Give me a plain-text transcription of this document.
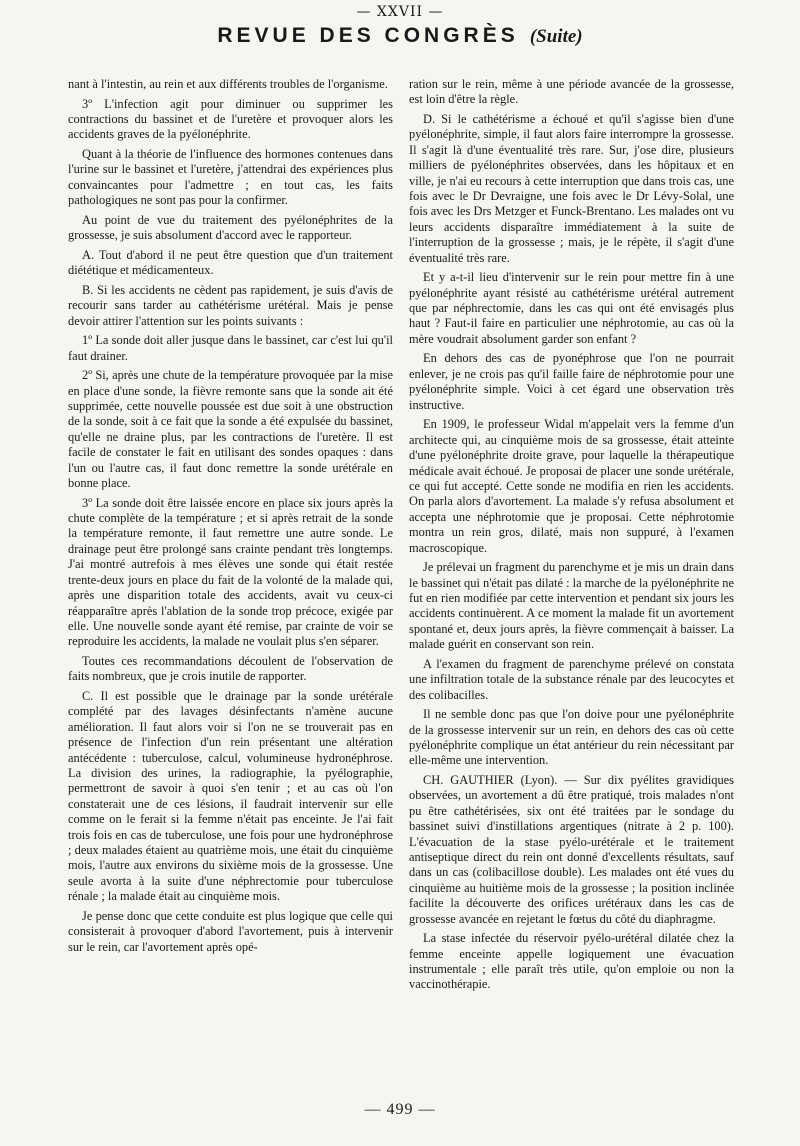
— XXVII —
REVUE DES CONGRÈS (Suite)

nant à l'intestin, au rein et aux différents troubles de l'organisme.

3º L'infection agit pour diminuer ou supprimer les contractions du bassinet et de l'uretère et provoquer alors les accidents graves de la pyélonéphrite.

Quant à la théorie de l'influence des hormones contenues dans l'urine sur le bassinet et l'uretère, j'attendrai des expériences plus convaincantes pour l'admettre ; en tout cas, les faits pathologiques ne sont pas pour la confirmer.

Au point de vue du traitement des pyélonéphrites de la grossesse, je suis absolument d'accord avec le rapporteur.

A. Tout d'abord il ne peut être question que d'un traitement diététique et médicamenteux.

B. Si les accidents ne cèdent pas rapidement, je suis d'avis de recourir sans tarder au cathétérisme urétéral. Mais je pense devoir attirer l'attention sur les points suivants :

1º La sonde doit aller jusque dans le bassinet, car c'est lui qu'il faut drainer.

2º Si, après une chute de la température provoquée par la mise en place d'une sonde, la fièvre remonte sans que la sonde ait été supprimée, cette nouvelle poussée est due soit à une obstruction de la sonde, soit à ce fait que la sonde a été expulsée du bassinet, qu'elle ne draine plus, par les contractions de l'uretère. Il est facile de constater le fait en utilisant des sondes opaques : dans l'un ou l'autre cas, il faut donc remettre la sonde urétérale en bonne place.

3º La sonde doit être laissée encore en place six jours après la chute complète de la température ; et si après retrait de la sonde la température remonte, il faut remettre une autre sonde. Le drainage peut être prolongé sans crainte pendant très longtemps. J'ai montré autrefois à mes élèves une sonde qui était restée trente-deux jours en place du fait de la volonté de la malade qui, après une disparition totale des accidents, avait vu ceux-ci réapparaître après l'ablation de la sonde trop précoce, exigée par elle. Une nouvelle sonde ayant été remise, par crainte de voir se reproduire les accidents, la malade ne voulait plus s'en séparer.

Toutes ces recommandations découlent de l'observation de faits nombreux, que je crois inutile de rapporter.

C. Il est possible que le drainage par la sonde urétérale complété par des lavages désinfectants n'amène aucune amélioration. Il faut alors voir si l'on ne se trouverait pas en présence de l'infection d'un rein présentant une altération antécédente : tuberculose, calcul, volumineuse hydronéphrose. La division des urines, la radiographie, la pyélographie, permettront de savoir à quoi s'en tenir ; et au cas où l'on constaterait une de ces lésions, il faudrait intervenir sur elle comme on le ferait si la femme n'était pas enceinte. Je l'ai fait trois fois en cas de tuberculose, une fois pour une hydronéphrose ; deux malades étaient au quatrième mois, une était du cinquième mois, l'autre aux environs du sixième mois de la grossesse. Une seule avorta à la suite d'une néphrectomie pour tuberculose rénale ; la malade était au cinquième mois.

Je pense donc que cette conduite est plus logique que celle qui consisterait à provoquer d'abord l'avortement, puis à intervenir sur le rein, car l'avortement après opé-

ration sur le rein, même à une période avancée de la grossesse, est loin d'être la règle.

D. Si le cathétérisme a échoué et qu'il s'agisse bien d'une pyélonéphrite, simple, il faut alors faire interrompre la grossesse. Il s'agit là d'une éventualité très rare. Sur, j'ose dire, plusieurs milliers de pyélonéphrites observées, dans les hôpitaux et en ville, je n'ai eu recours à cette interruption que dans trois cas, une fois avec le Dr Devraigne, une fois avec le Dr Lévy-Solal, une fois avec les Drs Metzger et Funck-Brentano. Les malades ont vu leurs accidents disparaître immédiatement à la suite de l'interruption de la grossesse ; mais, je le répète, il s'agit d'une éventualité très rare.

Et y a-t-il lieu d'intervenir sur le rein pour mettre fin à une pyélonéphrite ayant résisté au cathétérisme urétéral autrement que par néphrectomie, dans les cas qui ont été envisagés plus haut ? Faut-il faire en particulier une néphrotomie, au cas où la mère voudrait absolument garder son enfant ?

En dehors des cas de pyonéphrose que l'on ne pourrait enlever, je ne crois pas qu'il faille faire de néphrotomie pour une pyélonéphrite simple. Voici à cet égard une observation très instructive.

En 1909, le professeur Widal m'appelait vers la femme d'un architecte qui, au cinquième mois de sa grossesse, était atteinte d'une pyélonéphrite droite grave, pour laquelle la thérapeutique médicale avait échoué. Je proposai de placer une sonde urétérale, ce qui fut accepté. Cette sonde ne modifia en rien les accidents. On parla alors d'avortement. La malade s'y refusa absolument et accepta une néphrotomie que je proposai. Cette néphrotomie montra un rein gros, dilaté, mais non suppuré, à l'examen macroscopique.

Je prélevai un fragment du parenchyme et je mis un drain dans le bassinet qui n'était pas dilaté : la marche de la pyélonéphrite ne fut en rien modifiée par cette intervention et pendant six jours les accidents continuèrent. A ce moment la malade fit un avortement spontané et, deux jours après, la fièvre commençait à baisser. La malade guérit en conservant son rein.

A l'examen du fragment de parenchyme prélevé on constata une infiltration totale de la substance rénale par des leucocytes et des colibacilles.

Il ne semble donc pas que l'on doive pour une pyélonéphrite de la grossesse intervenir sur un rein, en dehors des cas où cette pyélonéphrite complique un état antérieur du rein nécessitant par elle-même une intervention.

CH. GAUTHIER (Lyon). — Sur dix pyélites gravidiques observées, un avortement a dû être pratiqué, trois malades n'ont pu être cathétérisées, six ont été traitées par le sondage du bassinet suivi d'instillations argentiques (nitrate à 2 p. 100). L'évacuation de la stase pyélo-urétérale et le traitement antiseptique direct du rein ont donné d'excellents résultats, sauf dans un cas (colibacillose double). Les malades ont été vues du cinquième au huitième mois de la grossesse ; la position inclinée facilite la découverte des orifices urétéraux dans les cas de grossesse avancée en rejetant le fœtus du côté du diaphragme.

La stase infectée du réservoir pyélo-urétéral dilatée chez la femme enceinte appelle logiquement une évacuation instrumentale ; elle paraît très utile, qu'on emploie ou non la vaccinothérapie.

— 499 —
